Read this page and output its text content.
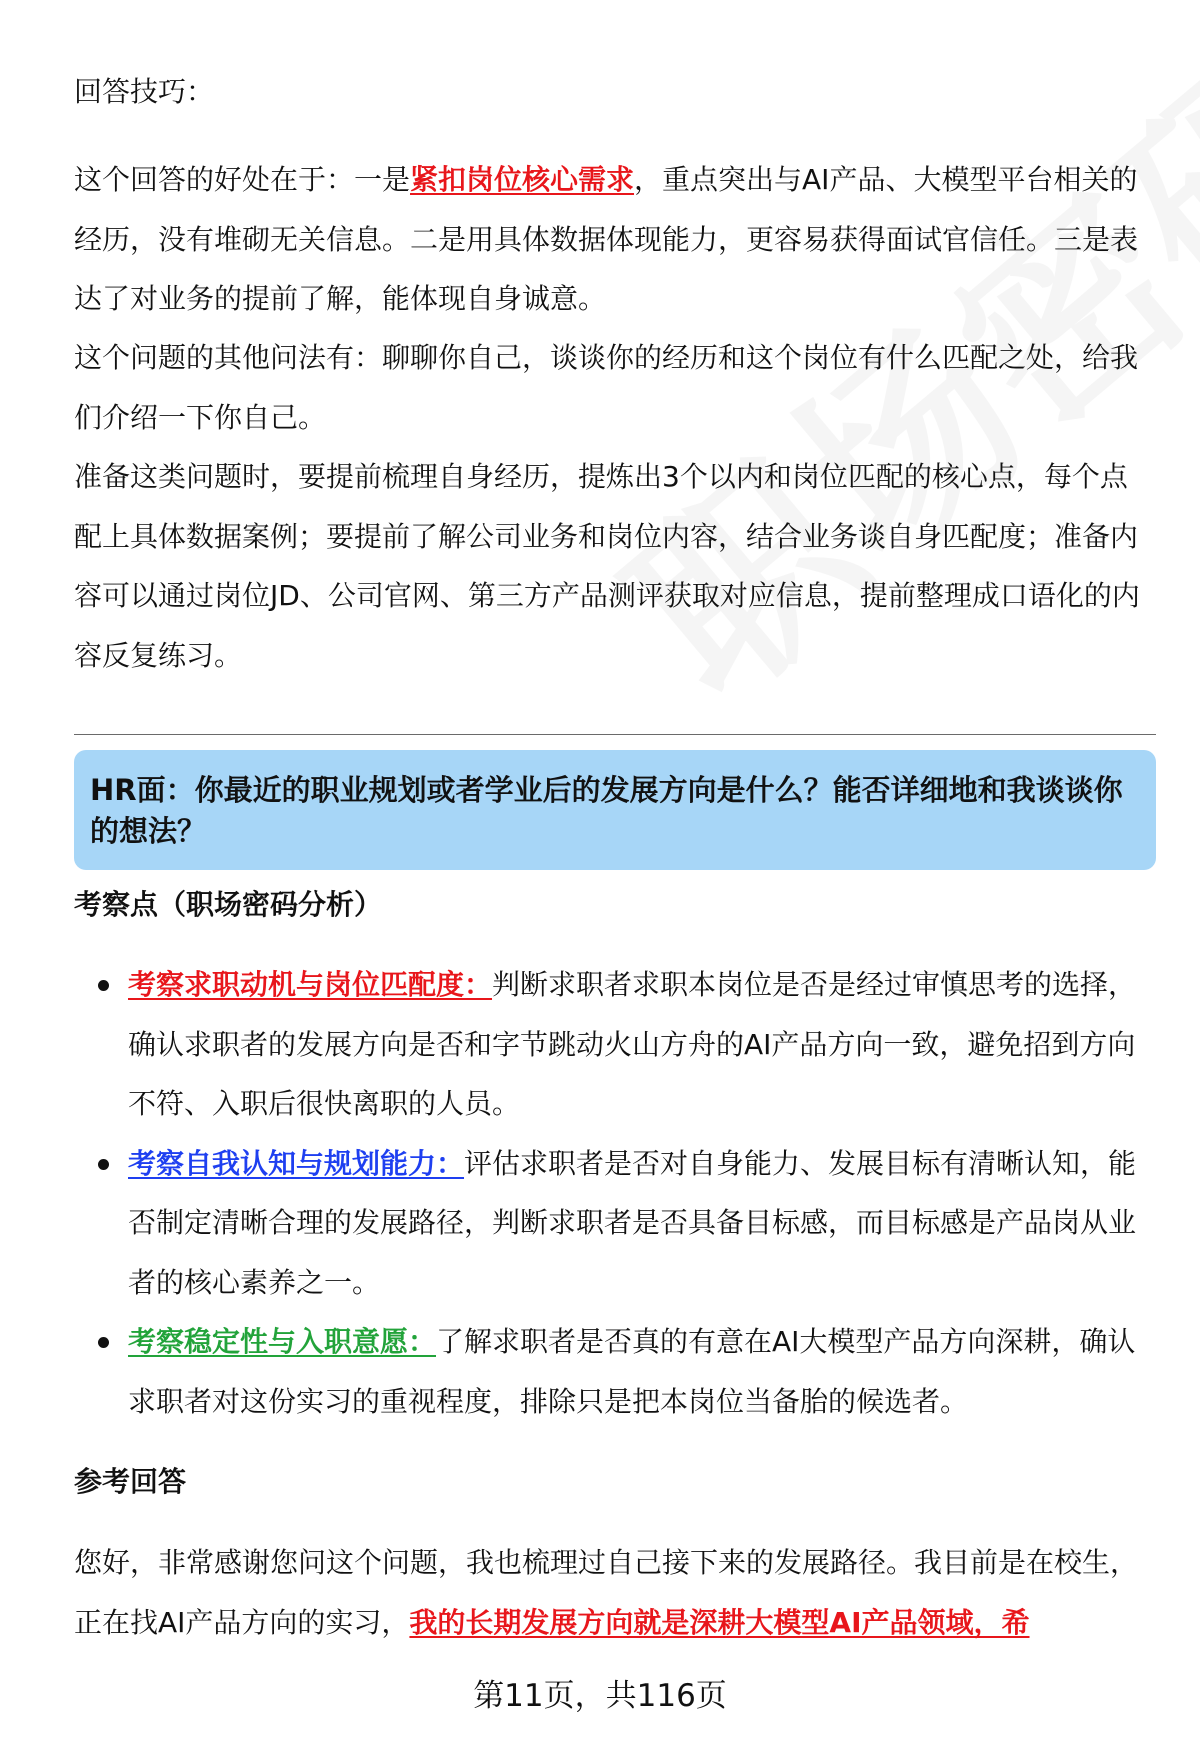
回答技巧：

这个回答的好处在于：一是紧扣岗位核心需求，重点突出与AI产品、大模型平台相关的经历，没有堆砌无关信息。二是用具体数据体现能力，更容易获得面试官信任。三是表达了对业务的提前了解，能体现自身诚意。

这个问题的其他问法有：聊聊你自己，谈谈你的经历和这个岗位有什么匹配之处，给我们介绍一下你自己。

准备这类问题时，要提前梳理自身经历，提炼出3个以内和岗位匹配的核心点，每个点配上具体数据案例；要提前了解公司业务和岗位内容，结合业务谈自身匹配度；准备内容可以通过岗位JD、公司官网、第三方产品测评获取对应信息，提前整理成口语化的内容反复练习。

HR面：你最近的职业规划或者学业后的发展方向是什么？能否详细地和我谈谈你的想法？

考察点（职场密码分析）

考察求职动机与岗位匹配度：判断求职者求职本岗位是否是经过审慎思考的选择，确认求职者的发展方向是否和字节跳动火山方舟的AI产品方向一致，避免招到方向不符、入职后很快离职的人员。
考察自我认知与规划能力：评估求职者是否对自身能力、发展目标有清晰认知，能否制定清晰合理的发展路径，判断求职者是否具备目标感，而目标感是产品岗从业者的核心素养之一。
考察稳定性与入职意愿：了解求职者是否真的有意在AI大模型产品方向深耕，确认求职者对这份实习的重视程度，排除只是把本岗位当备胎的候选者。

参考回答

您好，非常感谢您问这个问题，我也梳理过自己接下来的发展路径。我目前是在校生，正在找AI产品方向的实习，我的长期发展方向就是深耕大模型AI产品领域，希

第11页，共116页
